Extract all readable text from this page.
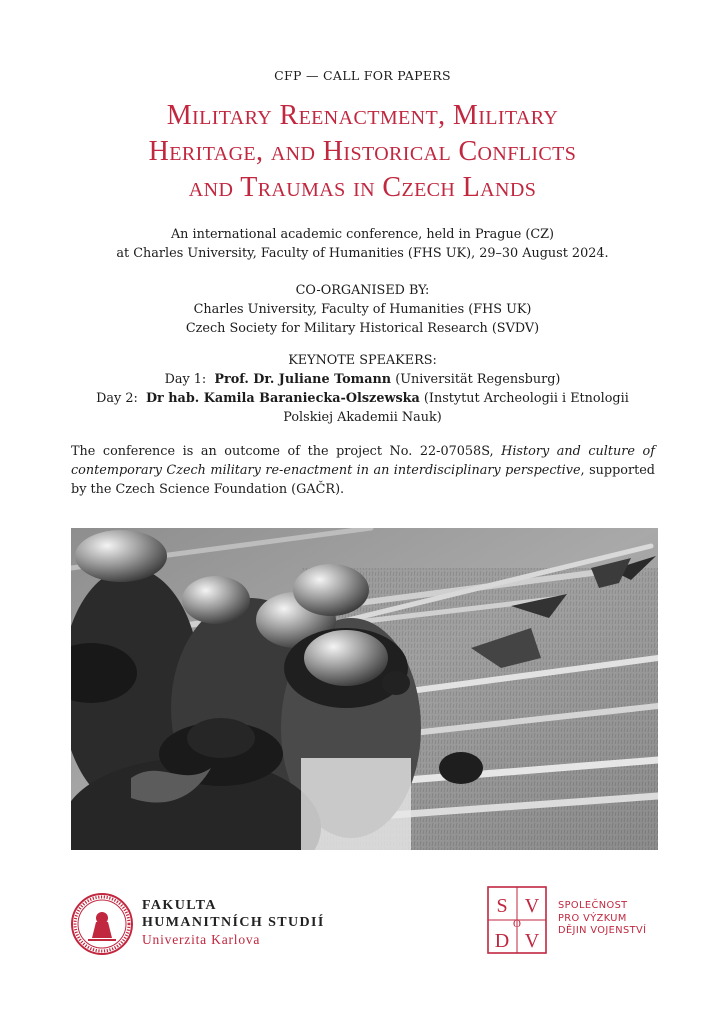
CFP — CALL FOR PAPERS
Military Reenactment, Military
Heritage, and Historical Conflicts
and Traumas in Czech Lands
An international academic conference, held in Prague (CZ)
at Charles University, Faculty of Humanities (FHS UK), 29–30 August 2024.
CO-ORGANISED BY:
Charles University, Faculty of Humanities (FHS UK)
Czech Society for Military Historical Research (SVDV)
KEYNOTE SPEAKERS:
Day 1: Prof. Dr. Juliane Tomann (Universität Regensburg)
Day 2: Dr hab. Kamila Baraniecka-Olszewska (Instytut Archeologii i Etnologii
Polskiej Akademii Nauk)
The conference is an outcome of the project No. 22-07058S, History and culture of contemporary Czech military re-enactment in an interdisciplinary perspective, supported by the Czech Science Foundation (GAČR).
FAKULTA
HUMANITNÍCH STUDIÍ
Univerzita Karlova
S V
O
D V
SPOLEČNOST
PRO VÝZKUM
DĚJIN VOJENSTVÍ
